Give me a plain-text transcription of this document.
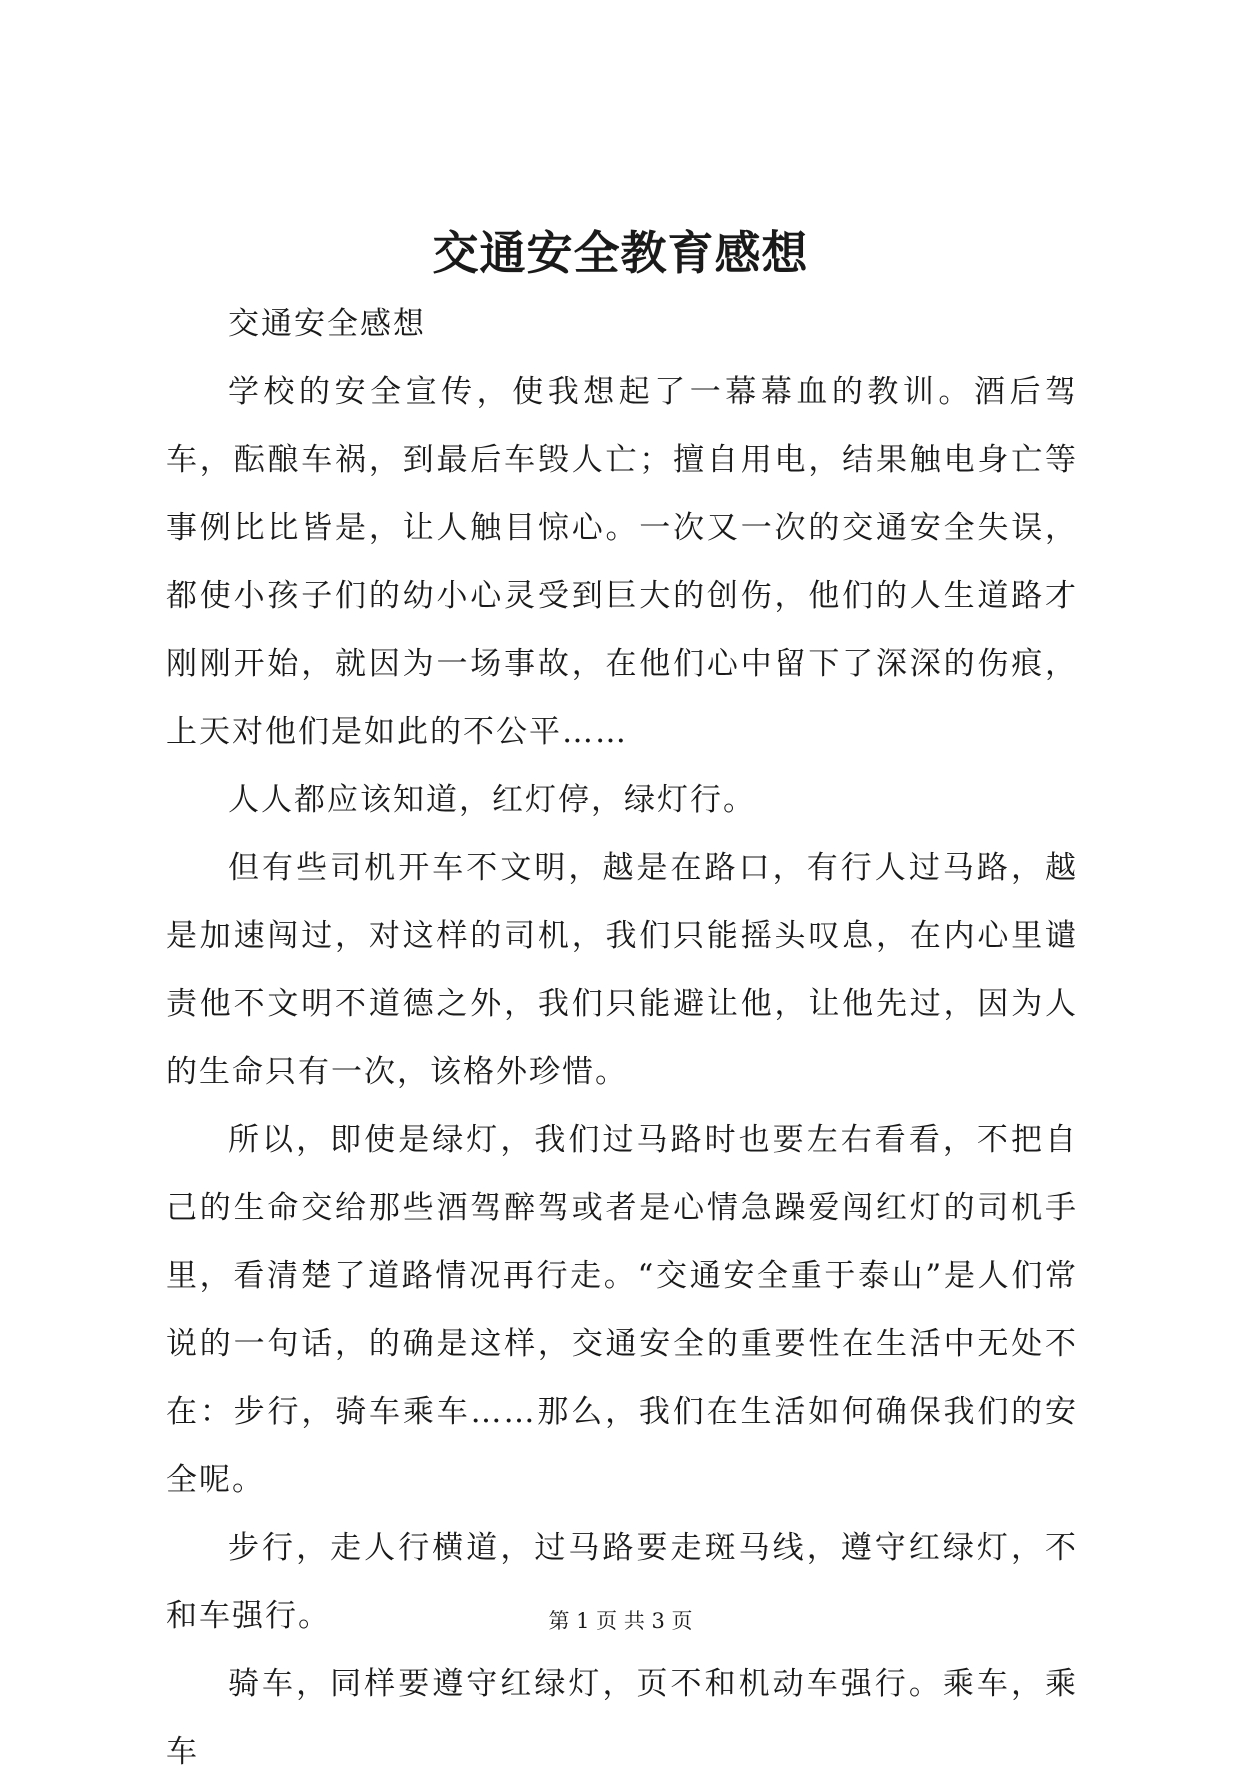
交通安全教育感想

交通安全感想

学校的安全宣传，使我想起了一幕幕血的教训。酒后驾车，酝酿车祸，到最后车毁人亡；擅自用电，结果触电身亡等事例比比皆是，让人触目惊心。一次又一次的交通安全失误，都使小孩子们的幼小心灵受到巨大的创伤，他们的人生道路才刚刚开始，就因为一场事故，在他们心中留下了深深的伤痕，上天对他们是如此的不公平……

人人都应该知道，红灯停，绿灯行。

但有些司机开车不文明，越是在路口，有行人过马路，越是加速闯过，对这样的司机，我们只能摇头叹息，在内心里谴责他不文明不道德之外，我们只能避让他，让他先过，因为人的生命只有一次，该格外珍惜。

所以，即使是绿灯，我们过马路时也要左右看看，不把自己的生命交给那些酒驾醉驾或者是心情急躁爱闯红灯的司机手里，看清楚了道路情况再行走。“交通安全重于泰山”是人们常说的一句话，的确是这样，交通安全的重要性在生活中无处不在：步行，骑车乘车……那么，我们在生活如何确保我们的安全呢。

步行，走人行横道，过马路要走斑马线，遵守红绿灯，不和车强行。

骑车，同样要遵守红绿灯，页不和机动车强行。乘车，乘车

第 1 页 共 3 页
